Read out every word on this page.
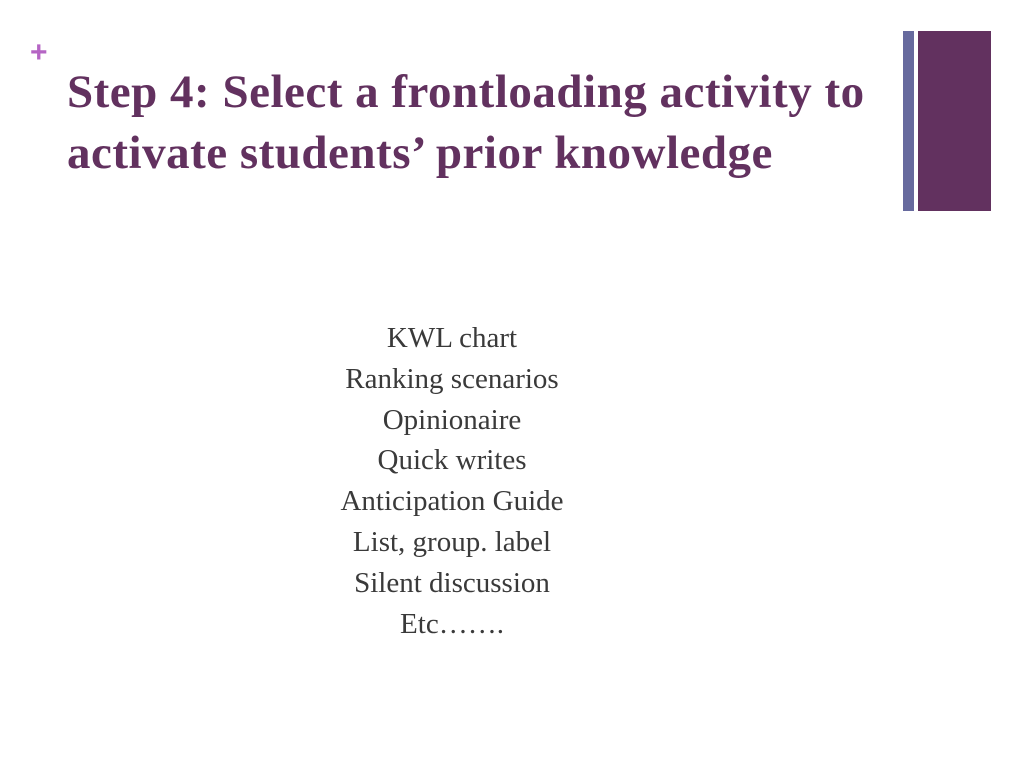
+
Step 4: Select a frontloading activity to activate students’ prior knowledge
KWL chart
Ranking scenarios
Opinionaire
Quick writes
Anticipation Guide
List, group. label
Silent discussion
Etc…….
